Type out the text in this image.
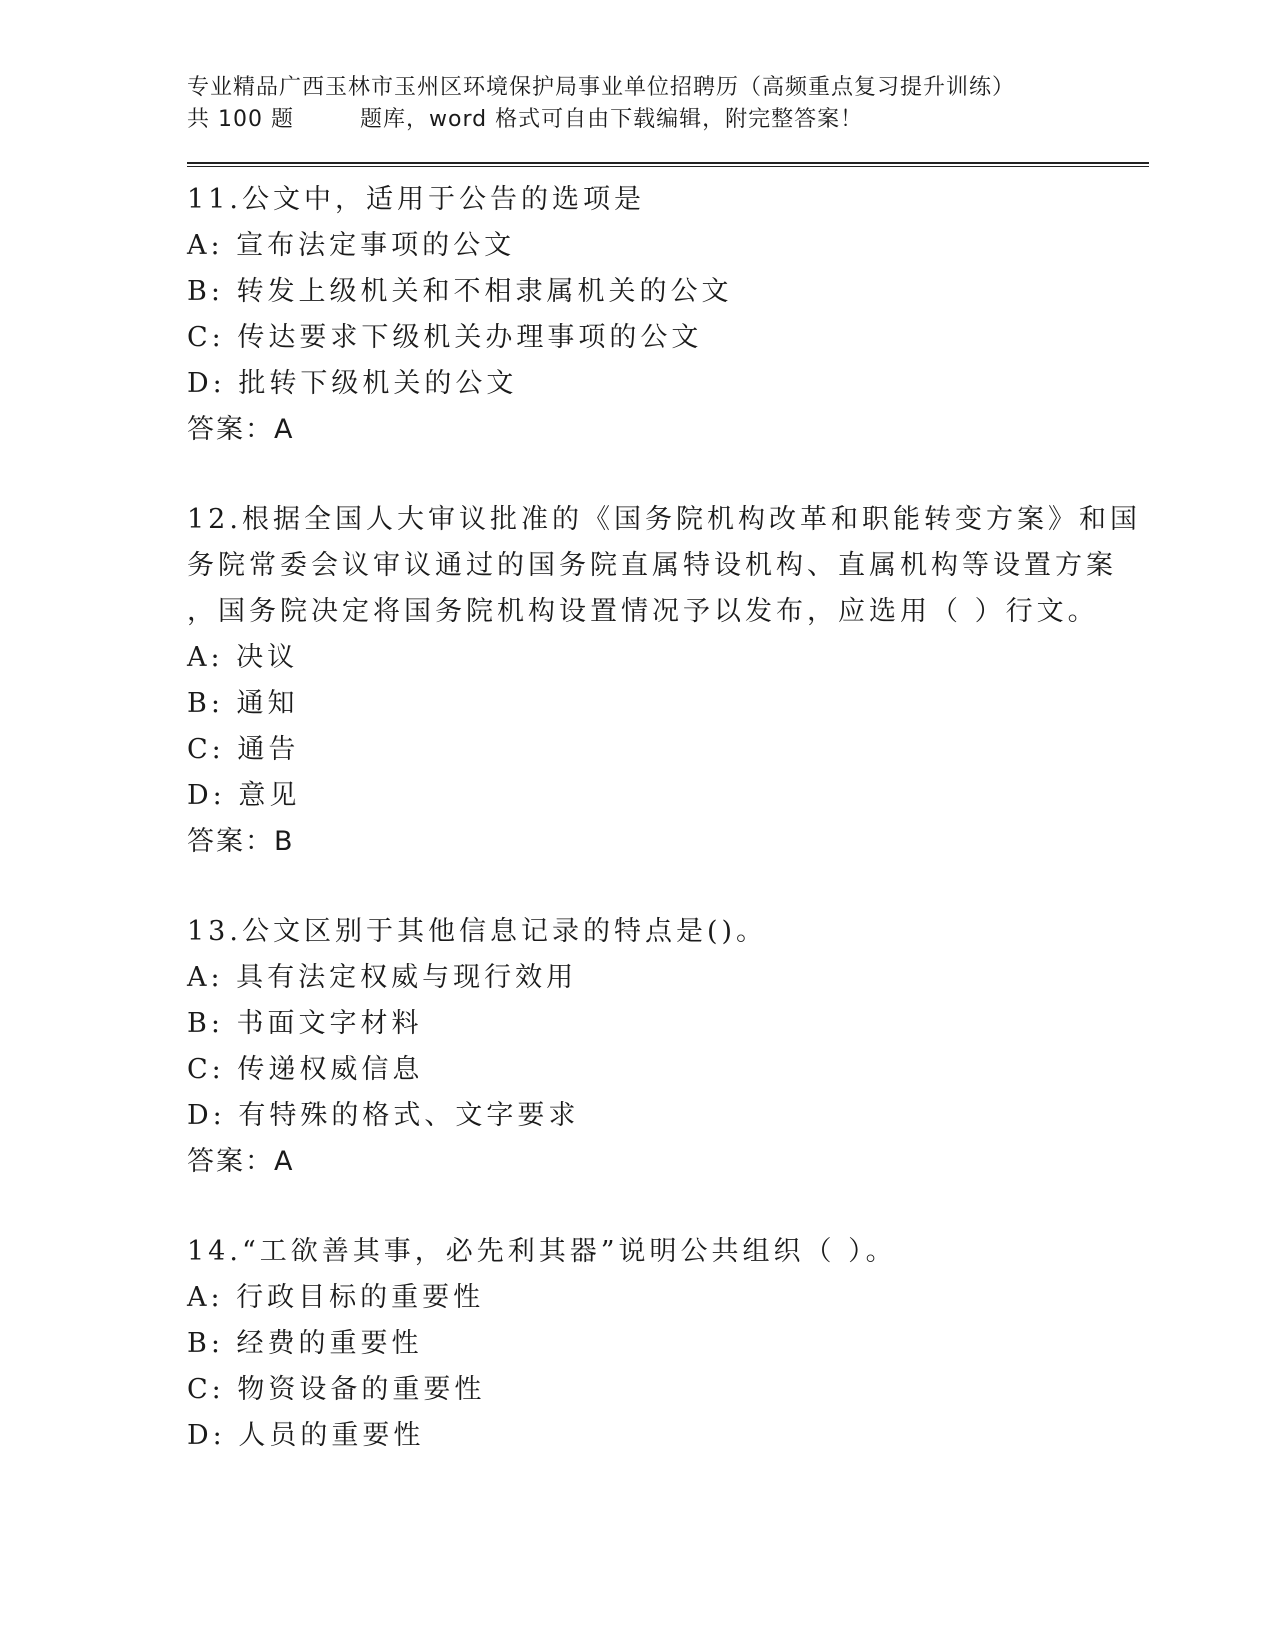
专业精品广西玉林市玉州区环境保护局事业单位招聘历（高频重点复习提升训练）
共 100 题	题库，word 格式可自由下载编辑，附完整答案！
11.公文中，适用于公告的选项是
A: 宣布法定事项的公文
B: 转发上级机关和不相隶属机关的公文
C: 传达要求下级机关办理事项的公文
D: 批转下级机关的公文
答案：A
12.根据全国人大审议批准的《国务院机构改革和职能转变方案》和国
务院常委会议审议通过的国务院直属特设机构、直属机构等设置方案
，国务院决定将国务院机构设置情况予以发布，应选用（ ）行文。
A: 决议
B: 通知
C: 通告
D: 意见
答案：B
13.公文区别于其他信息记录的特点是()。
A: 具有法定权威与现行效用
B: 书面文字材料
C: 传递权威信息
D: 有特殊的格式、文字要求
答案：A
14.“工欲善其事，必先利其器”说明公共组织（ ）。
A: 行政目标的重要性
B: 经费的重要性
C: 物资设备的重要性
D: 人员的重要性
